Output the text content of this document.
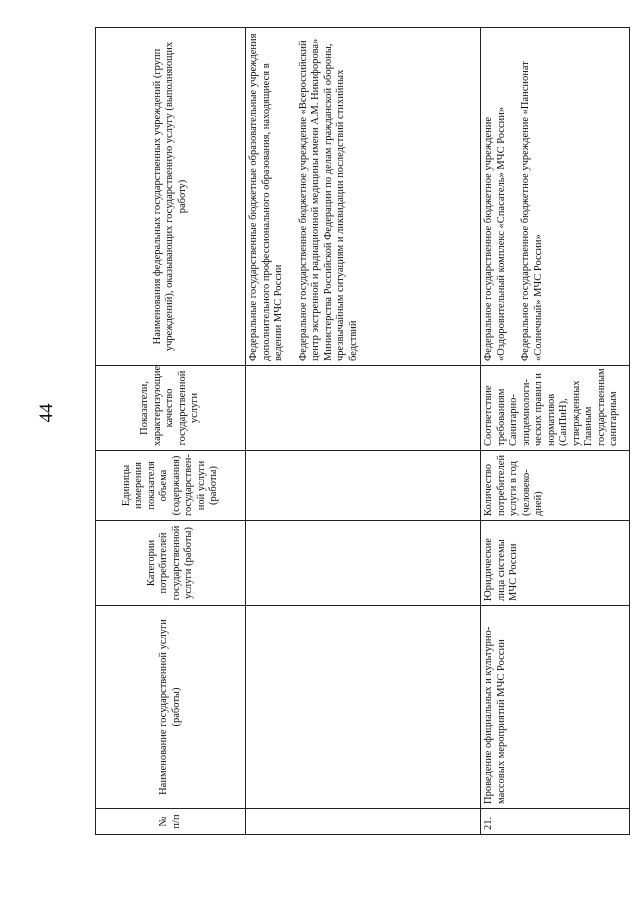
44
№ п/п	Наименование государственной услуги (работы)	Категории потребителей государственной услуги (работы)	Единицы измерения показателя объема (содержания) государствен-ной услуги (работы)	Показатели, характеризующие качество государственной услуги	Наименования федеральных государственных учреждений (групп учреждений), оказывающих государственную услугу (выполняющих работу)

					Федеральные государственные бюджетные образовательные учреждения дополнительного профессионального образования, находящиеся в ведении МЧС России Федеральное государственное бюджетное учреждение «Всероссийский центр экстренной и радиационной медицины имени А.М. Никифорова» Министерства Российской Федерации по делам гражданской обороны, чрезвычайным ситуациям и ликвидации последствий стихийных бедствий

21.	Проведение официальных и культурно-массовых мероприятий МЧС России	Юридические лица системы МЧС России	Количество потребителей услуги в год (человеко-дней)	Соответствие требованиям Санитарно-эпидемиологи-ческих правил и нормативов (СанПиН), утвержденных Главным государственным санитарным	Федеральное государственное бюджетное учреждение «Оздоровительный комплекс «Спасатель» МЧС России» Федеральное государственное бюджетное учреждение «Пансионат «Солнечный» МЧС России»
